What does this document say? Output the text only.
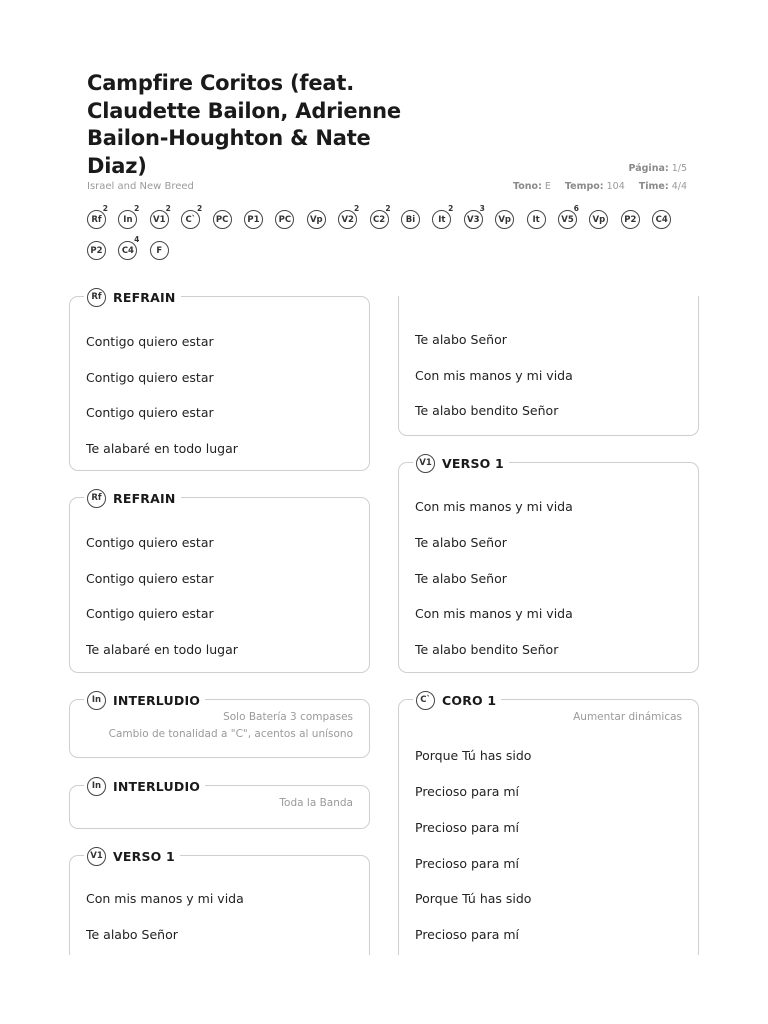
Campfire Coritos (feat. Claudette Bailon, Adrienne Bailon-Houghton & Nate Diaz)
Israel and New Breed
Página: 1/5
Tono: E Tempo: 104 Time: 4/4
Rf
2
In
2
V1
2
C`
2
PC P1 PC Vp V2
2
C2
2
Bi	It
2
V3
3
Vp	It	V5
6
Vp P2 C4
P2 C4
4
F
Rf REFRAIN
Contigo quiero estar
Contigo quiero estar
Contigo quiero estar
Te alabaré en todo lugar
Rf REFRAIN
Contigo quiero estar
Contigo quiero estar
Contigo quiero estar
Te alabaré en todo lugar
In INTERLUDIO
Solo Batería 3 compases
Cambio de tonalidad a "C", acentos al unísono
In INTERLUDIO
Toda la Banda
V1 VERSO 1
Con mis manos y mi vida
Te alabo Señor
Te alabo Señor
Con mis manos y mi vida
Te alabo bendito Señor
V1 VERSO 1
Con mis manos y mi vida
Te alabo Señor
Te alabo Señor
Con mis manos y mi vida
Te alabo bendito Señor
C` CORO 1
Aumentar dinámicas
Porque Tú has sido
Precioso para mí
Precioso para mí
Precioso para mí
Porque Tú has sido
Precioso para mí
